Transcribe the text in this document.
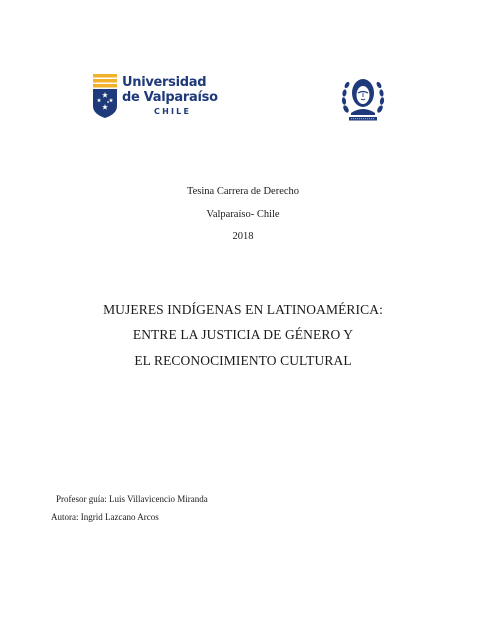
Universidad
de Valparaíso
CHILE
Tesina Carrera de Derecho
Valparaíso- Chile
2018
MUJERES INDÍGENAS EN LATINOAMÉRICA:
ENTRE LA JUSTICIA DE GÉNERO Y
EL RECONOCIMIENTO CULTURAL
Profesor guía: Luis Villavicencio Miranda
Autora: Ingrid Lazcano Arcos
